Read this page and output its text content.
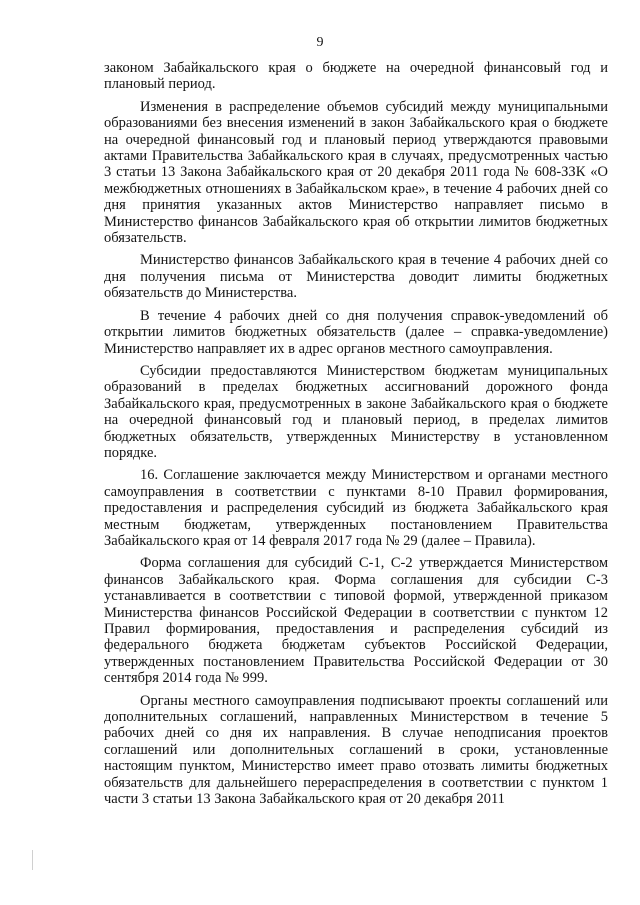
9

законом Забайкальского края о бюджете на очередной финансовый год и плановый период.

Изменения в распределение объемов субсидий между муниципальными образованиями без внесения изменений в закон Забайкальского края о бюджете на очередной финансовый год и плановый период утверждаются правовыми актами Правительства Забайкальского края в случаях, предусмотренных частью 3 статьи 13 Закона Забайкальского края от 20 декабря 2011 года № 608-ЗЗК «О межбюджетных отношениях в Забайкальском крае», в течение 4 рабочих дней со дня принятия указанных актов Министерство направляет письмо в Министерство финансов Забайкальского края об открытии лимитов бюджетных обязательств.

Министерство финансов Забайкальского края в течение 4 рабочих дней со дня получения письма от Министерства доводит лимиты бюджетных обязательств до Министерства.

В течение 4 рабочих дней со дня получения справок-уведомлений об открытии лимитов бюджетных обязательств (далее – справка-уведомление) Министерство направляет их в адрес органов местного самоуправления.

Субсидии предоставляются Министерством бюджетам муниципальных образований в пределах бюджетных ассигнований дорожного фонда Забайкальского края, предусмотренных в законе Забайкальского края о бюджете на очередной финансовый год и плановый период, в пределах лимитов бюджетных обязательств, утвержденных Министерству в установленном порядке.

16. Соглашение заключается между Министерством и органами местного самоуправления в соответствии с пунктами 8-10 Правил формирования, предоставления и распределения субсидий из бюджета Забайкальского края местным бюджетам, утвержденных постановлением Правительства Забайкальского края от 14 февраля 2017 года № 29 (далее – Правила).

Форма соглашения для субсидий С-1, С-2 утверждается Министерством финансов Забайкальского края. Форма соглашения для субсидии С-3 устанавливается в соответствии с типовой формой, утвержденной приказом Министерства финансов Российской Федерации в соответствии с пунктом 12 Правил формирования, предоставления и распределения субсидий из федерального бюджета бюджетам субъектов Российской Федерации, утвержденных постановлением Правительства Российской Федерации от 30 сентября 2014 года № 999.

Органы местного самоуправления подписывают проекты соглашений или дополнительных соглашений, направленных Министерством в течение 5 рабочих дней со дня их направления. В случае неподписания проектов соглашений или дополнительных соглашений в сроки, установленные настоящим пунктом, Министерство имеет право отозвать лимиты бюджетных обязательств для дальнейшего перераспределения в соответствии с пунктом 1 части 3 статьи 13 Закона Забайкальского края от 20 декабря 2011
